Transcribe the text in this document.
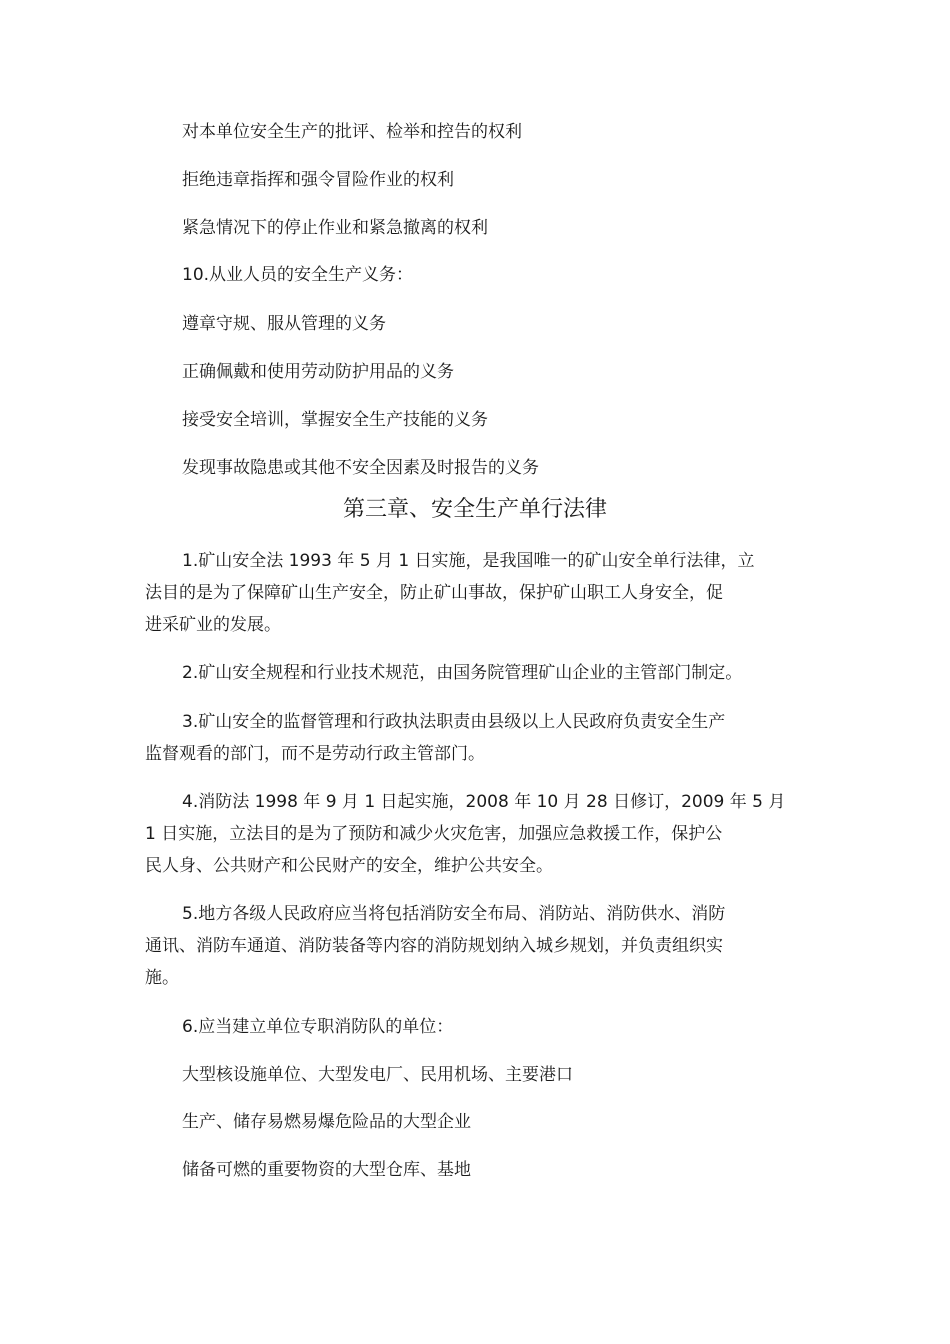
对本单位安全生产的批评、检举和控告的权利
拒绝违章指挥和强令冒险作业的权利
紧急情况下的停止作业和紧急撤离的权利
10.从业人员的安全生产义务：
遵章守规、服从管理的义务
正确佩戴和使用劳动防护用品的义务
接受安全培训，掌握安全生产技能的义务
发现事故隐患或其他不安全因素及时报告的义务
第三章、安全生产单行法律
1.矿山安全法 1993 年 5 月 1 日实施，是我国唯一的矿山安全单行法律，立
法目的是为了保障矿山生产安全，防止矿山事故，保护矿山职工人身安全，促
进采矿业的发展。
2.矿山安全规程和行业技术规范，由国务院管理矿山企业的主管部门制定。
3.矿山安全的监督管理和行政执法职责由县级以上人民政府负责安全生产
监督观看的部门，而不是劳动行政主管部门。
4.消防法 1998 年 9 月 1 日起实施，2008 年 10 月 28 日修订，2009 年 5 月
1 日实施，立法目的是为了预防和减少火灾危害，加强应急救援工作，保护公
民人身、公共财产和公民财产的安全，维护公共安全。
5.地方各级人民政府应当将包括消防安全布局、消防站、消防供水、消防
通讯、消防车通道、消防装备等内容的消防规划纳入城乡规划，并负责组织实
施。
6.应当建立单位专职消防队的单位：
大型核设施单位、大型发电厂、民用机场、主要港口
生产、储存易燃易爆危险品的大型企业
储备可燃的重要物资的大型仓库、基地
